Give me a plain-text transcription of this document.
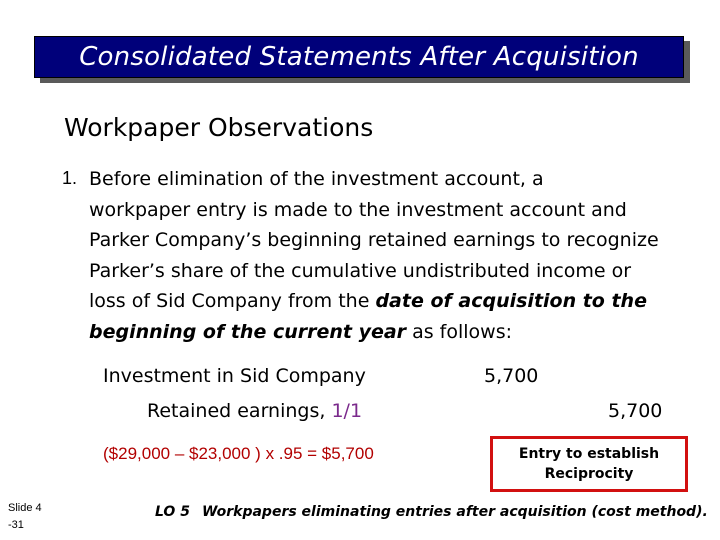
Consolidated Statements After Acquisition
Workpaper Observations
1. Before elimination of the investment account, a

workpaper entry is made to the investment account and

Parker Company’s beginning retained earnings to recognize

Parker’s share of the cumulative undistributed income or

loss of Sid Company from the date of acquisition to the

beginning of the current year as follows:

Investment in Sid Company	5,700
Retained earnings, 1/1	5,700
($29,000 – $23,000 ) x .95 = $5,700	Entry to establish
Reciprocity
Slide 4
-31
LO 5 Workpapers eliminating entries after acquisition (cost method).
